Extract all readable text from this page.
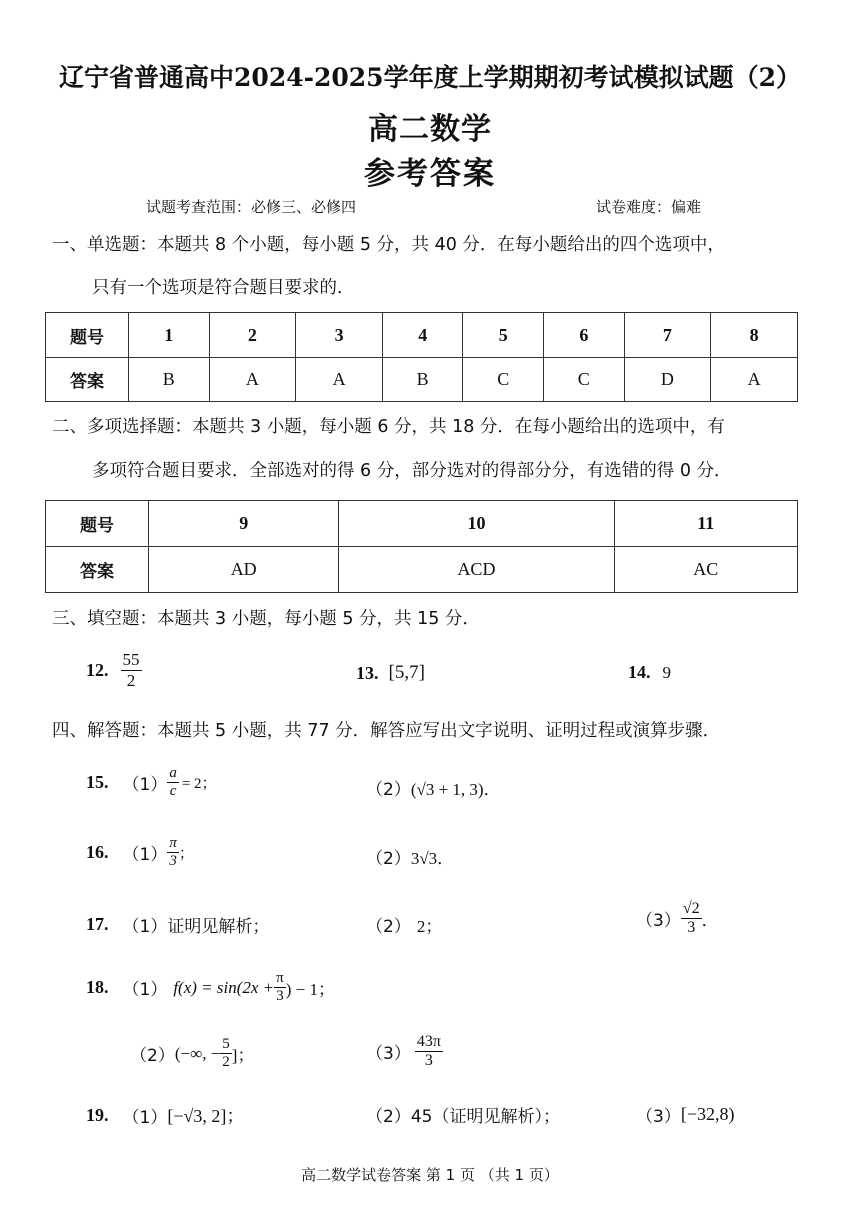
辽宁省普通高中2024-2025学年度上学期期初考试模拟试题（2）
高二数学
参考答案
试题考查范围：必修三、必修四	试卷难度：偏难
一、单选题：本题共 8 个小题，每小题 5 分，共 40 分．在每小题给出的四个选项中，
只有一个选项是符合题目要求的．
题号	1	2	3	4	5	6	7	8
答案	B	A	A	B	C	C	D	A
二、多项选择题：本题共 3 小题，每小题 6 分，共 18 分．在每小题给出的选项中，有
多项符合题目要求．全部选对的得 6 分，部分选对的得部分分，有选错的得 0 分．
题号	9	10	11
答案	AD	ACD	AC
三、填空题：本题共 3 小题，每小题 5 分，共 15 分．
12. $\frac{55}{2}$	13. [5,7]	14. 9
四、解答题：本题共 5 小题，共 77 分．解答应写出文字说明、证明过程或演算步骤．
15. $(1) \frac{a}{c} = 2$；	（2） (√3 + 1, 3)．
16. $(1) \frac{\pi}{3}$ ；	（2） 3√3．
17. （1） 证明见解析；	（2） 2；	$(3) \frac{√2}{3}$ ．
18. （1） $f(x) = \sin(2x + \frac{\pi}{3}$ ) − 1；
（2） (−∞, − $\frac{5}{2}$ ]；	$(3) \frac{43\pi}{3}$
19. （1） [−√3, 2]；	（2） 45（证明见解析）；	（3） [−32,8)
高二数学试卷答案 第 1 页 （共 1 页）
